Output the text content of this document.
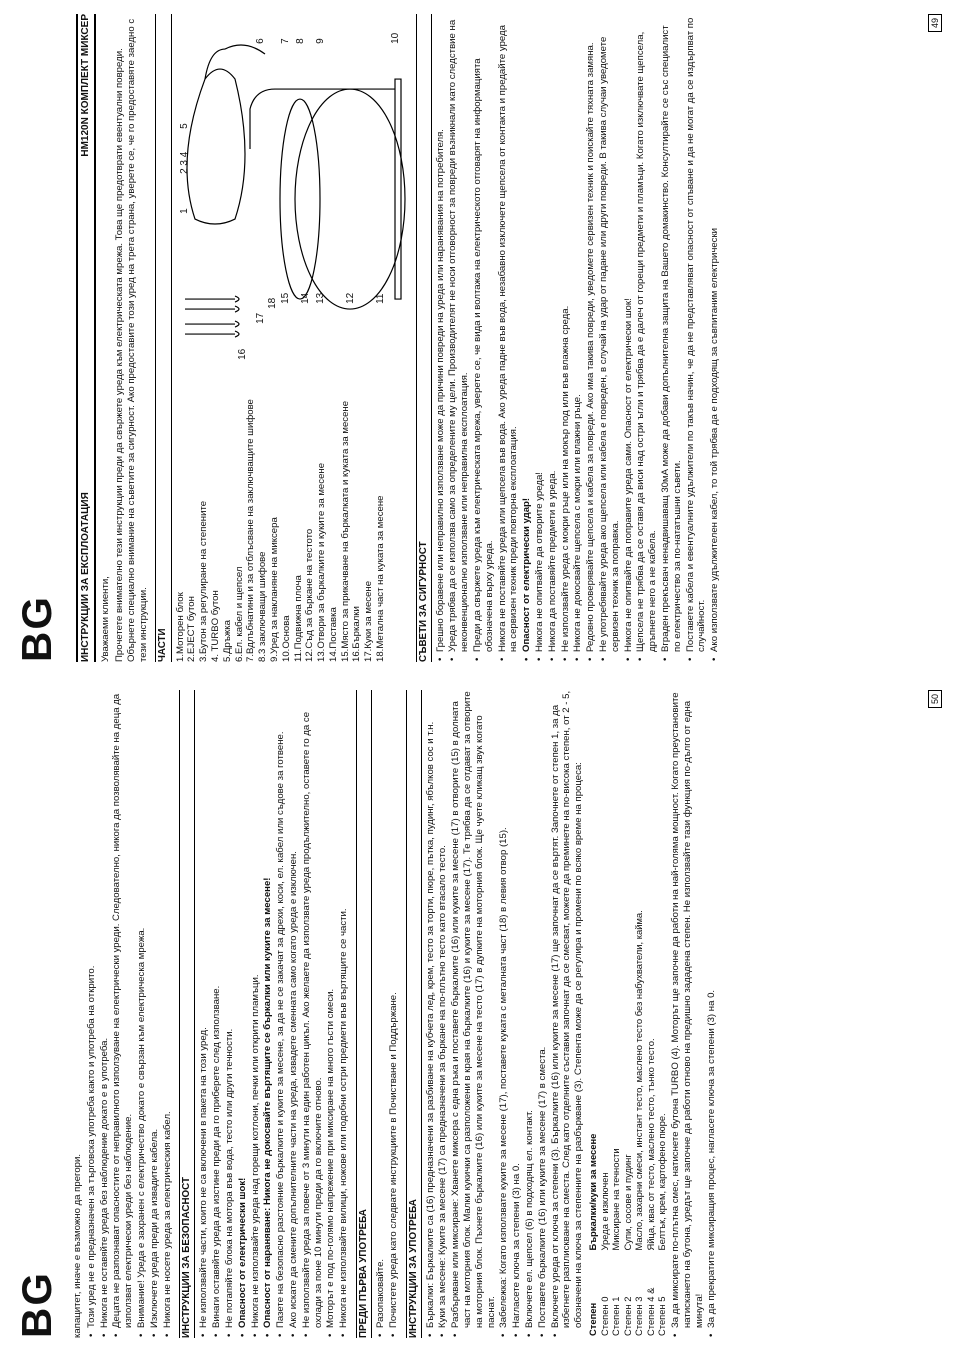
BG ИНСТРУКЦИИ ЗА ЕКСПЛОАТАЦИЯ
HM120N КОМПЛЕКТ МИКСЕР

Уважаеми клиенти, Прочетете внимателно тези инструкции преди да свържете уреда към електрическата мрежа. Това ще предотврати евентуални повреди. Обърнете специално внимание на съветите за сигурност. Ако предоставите този уред на трета страна, уверете се, че го предоставяте заедно с тези инструкции. ЧАСТИ 1.Моторен блок 2.EJECT бутон 3.Бутон за регулиране на степените 4. TURBO бутон 5.Дръжка 6.Ел. кабел и щепсел 7.Вдлъбнатини и за отблъсване на заключващите шифове 8.3 заключващи шифове 9.Уред за накланяне на миксера 10.Основа 11.Подвижна плоча 12.Съд за бъркане на тестото 13.Отвори за бъркалките и куките за месене 14.Поставка 15.Място за прикачване на бъркалката и куката за месене 16.Бъркалки 17.Куки за месене 18.Метална част на куката за месене
16
17
18
1
2 3 4
5
6 7 8 9	10
11
12
13
14
15
СЪВЕТИ ЗА СИГУРНОСТ • Грешно боравене или неправилно използване може да причини повреди на уреда или наранявания на потребителя. • Уреда трябва да се използва само за определените му цели. Производителят не носи отговорност за повреди възникнали като следствие на неконвенционално използване или неправилна експлоатация. • Преди да свържете уреда към електрическата мрежа, уверете се, че вида и волтажа на електрическото отговарят на информацията обозначена върху уреда. • Никога не поставяйте уреда или щепсела във вода. Ако уреда падне във вода, незабавно изключете щепсела от контакта и предайте уреда на сервизен техник преди повторна експлоатация. • Опасност от електрически удар! • Никога не опитвайте да отворите уреда! • Никога да поставяйте предмети в уреда. • Не използвайте уреда с мокри ръце или на мокър под или във влажна среда. • Никога не докосвайте щепсела с мокри или влажни ръце. • Редовно проверявайте щепсела и кабела за повреди. Ако има такива повреди, уведомете сервизен техник и поискайте тяхната замяна. • Не употребявайте уреда ако щепсела или кабела е повреден, в случай на удар от падане или други повреди. В такива случаи уведомете сервизен техник за поправка. • Никога не опитвайте да поправите уреда сами. Опасност от електрически шок! • Щепсела не трябва да се оставя да виси над остри ъгли и трябва да е далеч от горещи предмети и пламъци. Когато изключвате щепсела, дръпнете него а не кабела. • Вграден прекъсвач ненадвишаващ 30мА може да добави допълнителна защита на Вашето домакинство. Консултирайте се със специалист по електричество за по-нататъшни съвети. • Поставете кабела и евентуалните удължители по такъв начин, че да не представляват опасност от спъване и да не могат да се издърпват по случайност. • Ако използвате удължителен кабел, то той трябва да е подходящ за съвпитаним електрически
49
BG капацитет, иначе е възможно да прегори. • Този уред не е предназначен за търговска употреба както и употреба на открито. • Никога не оставяйте уреда без наблюдение докато е в употреба. • Децата не разпознават опасностите от неправилното използуване на електрически уреди. Следователно, никога да позволявайте на деца да използват електрически уреди без наблюдение. • Внимание! Уреда е захранен с електричество докато е свързан към електрическа мрежа. • Изключете уреда преди да извадите кабела. • Никога не носете уреда за електрическия кабел. ИНСТРУКЦИИ ЗА БЕЗОПАСНОСТ • Не използвайте части, които не са включени в пакета на този уред. • Винаги оставяйте уреда да изстине преди да го приберете след използване. • Не потапяйте блока на мотора във вода, тесто или други течности. • Опасност от електрически шок! • Никога не използвайте уреда над горещи котлони, печки или открити пламъци. • Опасност от нараняване: Никога не докосвайте въртящите се бъркалки или куките за месене! • Пазете на безопасно разстояние бъркалките и куките за месене, за да не се закачат за дрехи, коси, ел. кабел или съдове за готвене. • Ако искате да смените допълнителните части на уреда, извадете сменната само когато уреда е изключен. • Не използвайте уреда за повече от 3 минути на един работен цикъл. Ако желаете да използвате уреда продължително, оставете го да се охлади за поне 10 минути преди да го включите отново. • Моторът е под по-голямо напрежение при миксиране на много гъсти смеси. • Никога не използвайте вилици, ножове или подобни остри предмети във въртящите се части. ПРЕДИ ПЪРВА УПОТРЕБА • Разопаковайте. • Почистете уреда като следвате инструкциите в Почистване и Поддържане. ИНСТРУКЦИИ ЗА УПОТРЕБА • Бъркалки: Бъркалките са (16) предназначени за разбиване на кубчета лед, крем, тесто за торти, пюре, пътка, пудинг, ябълков сос и т.н. • Куки за месене: Куките за месене (17) са предназначени за бъркане на по-плътно тесто като втасало тесто. • Разбъркване или миксиране: Хванете миксера с една ръка и поставете бъркалките (16) или куките за месене (17) в отворите (15) в долната част на моторния блок. Малки кукички са разположени в края на бъркалките (16) и куките за месене (17). Те трябва да се отдават за отворите на моторния блок. Пъхнете бъркалките (16) или куките за месене на тесто (17) в дупките на моторния блок. Ще чуете кликащ звук когато паснат. • Забележка: Когато използвате куките за месене (17), поставете куката с металната част (18) в левия отвор (15). • Нагласете ключа за степени (3) на 0. • Включете ел. щепсел (6) в подходящ ел. контакт. • Поставете бъркалките (16) или куките за месене (17) в сместа. • Включете уреда от ключа за степени (3). Бъркалките (16) или куките за месене (17) ще започнат да се въртят. Започнете от степен 1, за да избегнете разплискване на сместа. След като отделните съставки започнат да се смесват, можете да преминете на по-висока степен, от 2 - 5, обозначени на ключа за степенните на разбъркване (3). Степента може да се регулира и промени по всяко време на процеса: Степен	Бъркалки/куки за месене
Степен 0	Уреда е изключен
Степен 1	Миксиране на течности
Степен 2	Супи, сосове и пудинг
Степен 3	Масло, захарни смеси, инстант тесто, маслено тесто без набухватели, кайма.
Степен 4 &	Яйца, квас от тесто, маслено тесто, тънко тесто.
Степен 5	Белтък, крем, картофено пюре. • За да миксирате по-плътна смес, натиснете бутона TURBO (4). Моторът ще започне да работи на най-голяма мощност. Когато преустановите натискането на бутона, уредът ще започне да работи отново на предишно зададена степен. Не използвайте тази функция по-дълго от една минута! • За да прекратите миксиращия процес, нагласете ключа за степени (3) на 0.
50
